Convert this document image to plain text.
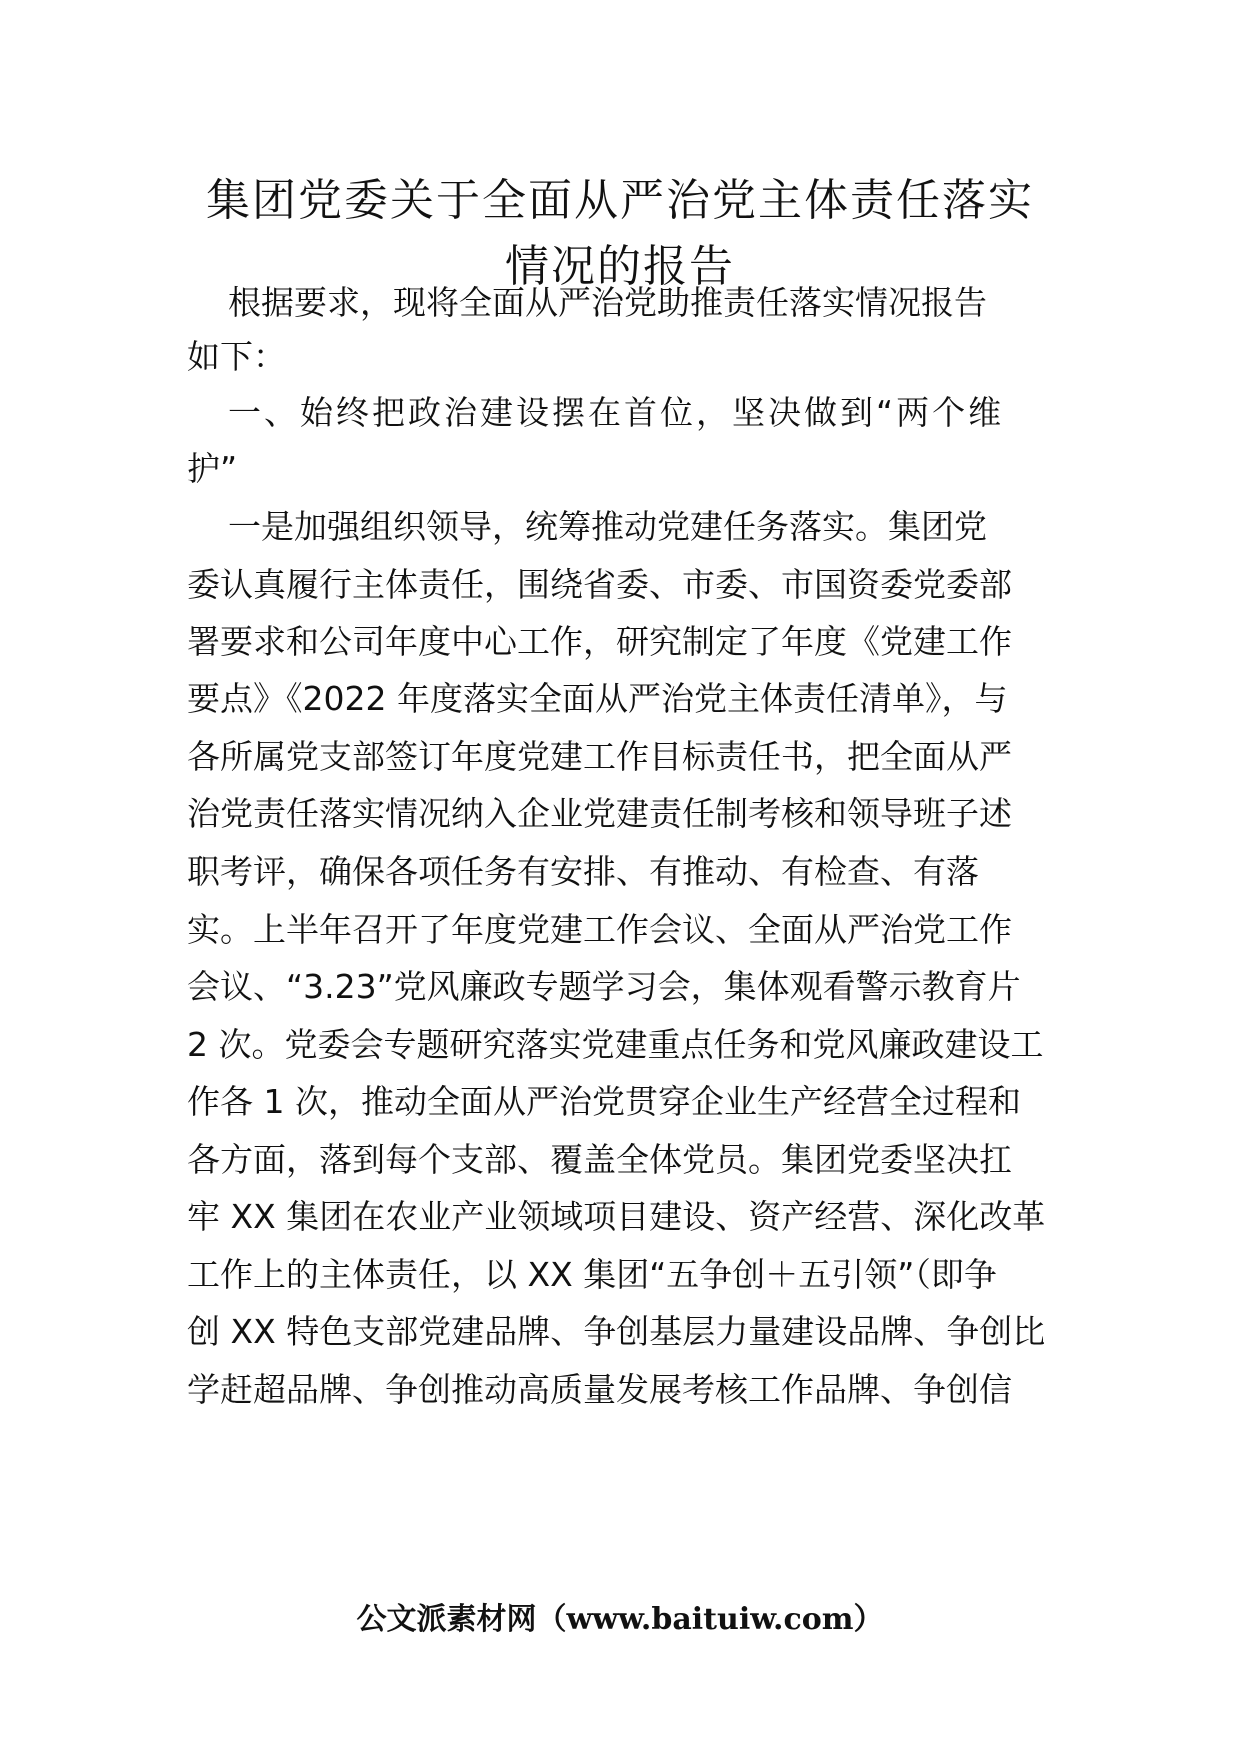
集团党委关于全面从严治党主体责任落实
情况的报告

根据要求，现将全面从严治党助推责任落实情况报告

如下：

一、始终把政治建设摆在首位，坚决做到“两个维

护”

一是加强组织领导，统筹推动党建任务落实。集团党

委认真履行主体责任，围绕省委、市委、市国资委党委部

署要求和公司年度中心工作，研究制定了年度《党建工作

要点》《2022 年度落实全面从严治党主体责任清单》，与

各所属党支部签订年度党建工作目标责任书，把全面从严

治党责任落实情况纳入企业党建责任制考核和领导班子述

职考评，确保各项任务有安排、有推动、有检查、有落

实。上半年召开了年度党建工作会议、全面从严治党工作

会议、“3.23”党风廉政专题学习会，集体观看警示教育片

2 次。党委会专题研究落实党建重点任务和党风廉政建设工

作各 1 次，推动全面从严治党贯穿企业生产经营全过程和

各方面，落到每个支部、覆盖全体党员。集团党委坚决扛

牢 XX 集团在农业产业领域项目建设、资产经营、深化改革

工作上的主体责任，以 XX 集团“五争创＋五引领”（即争

创 XX 特色支部党建品牌、争创基层力量建设品牌、争创比

学赶超品牌、争创推动高质量发展考核工作品牌、争创信

公文派素材网（www.baituiw.com）
